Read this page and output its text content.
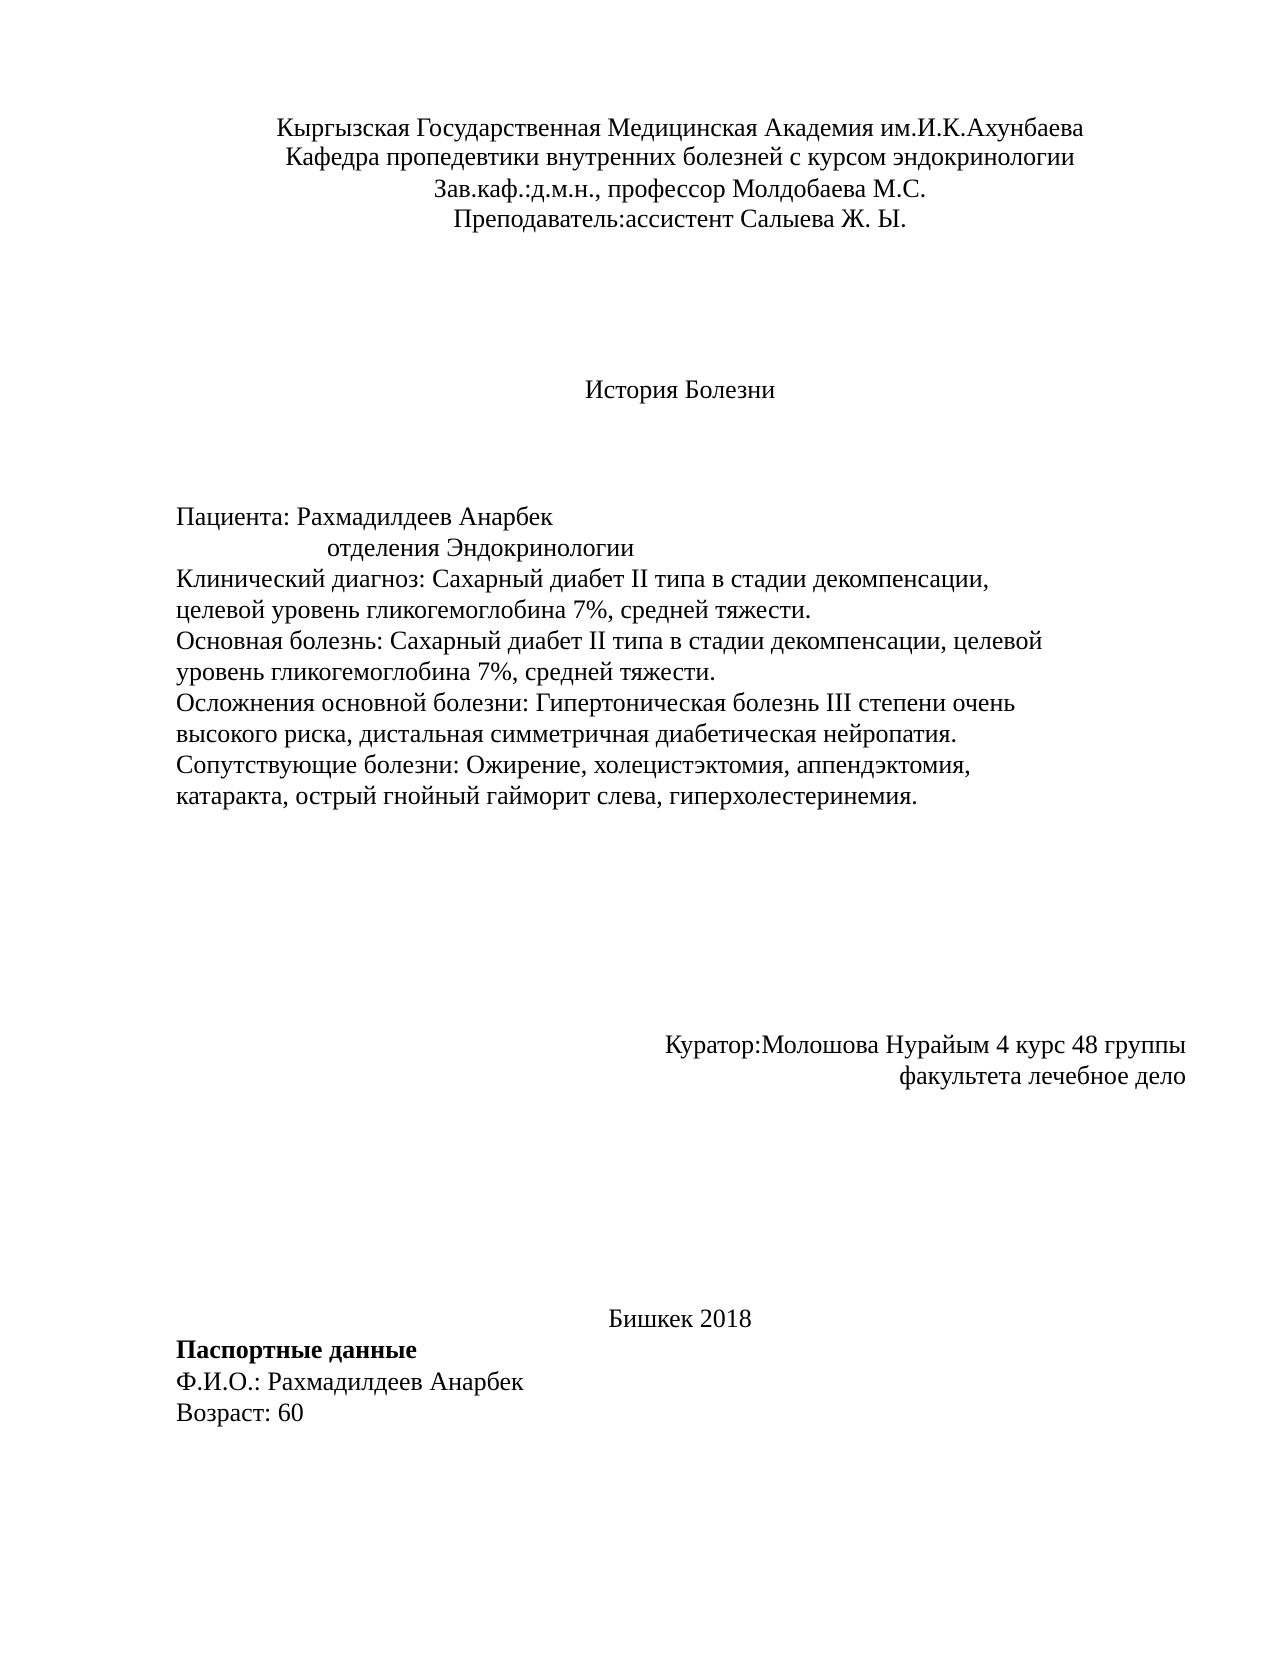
Кыргызская Государственная Медицинская Академия им.И.К.Ахунбаева
Кафедра пропедевтики внутренних болезней с курсом эндокринологии
Зав.каф.:д.м.н., профессор Молдобаева М.С.
Преподаватель:ассистент Салыева Ж. Ы.
История Болезни
Пациента: Рахмадилдеев Анарбек
отделения Эндокринологии
Клинический диагноз: Сахарный диабет II типа в стадии декомпенсации,
целевой уровень гликогемоглобина 7%, средней тяжести.
Основная болезнь: Сахарный диабет II типа в стадии декомпенсации, целевой
уровень гликогемоглобина 7%, средней тяжести.
Осложнения основной болезни: Гипертоническая болезнь III степени очень
высокого риска, дистальная симметричная диабетическая нейропатия.
Сопутствующие болезни: Ожирение, холецистэктомия, аппендэктомия,
катаракта, острый гнойный гайморит слева, гиперхолестеринемия.
Куратор:Молошова Нурайым 4 курс 48 группы
факультета лечебное дело
Бишкек 2018
Паспортные данные
Ф.И.О.: Рахмадилдеев Анарбек
Возраст: 60
